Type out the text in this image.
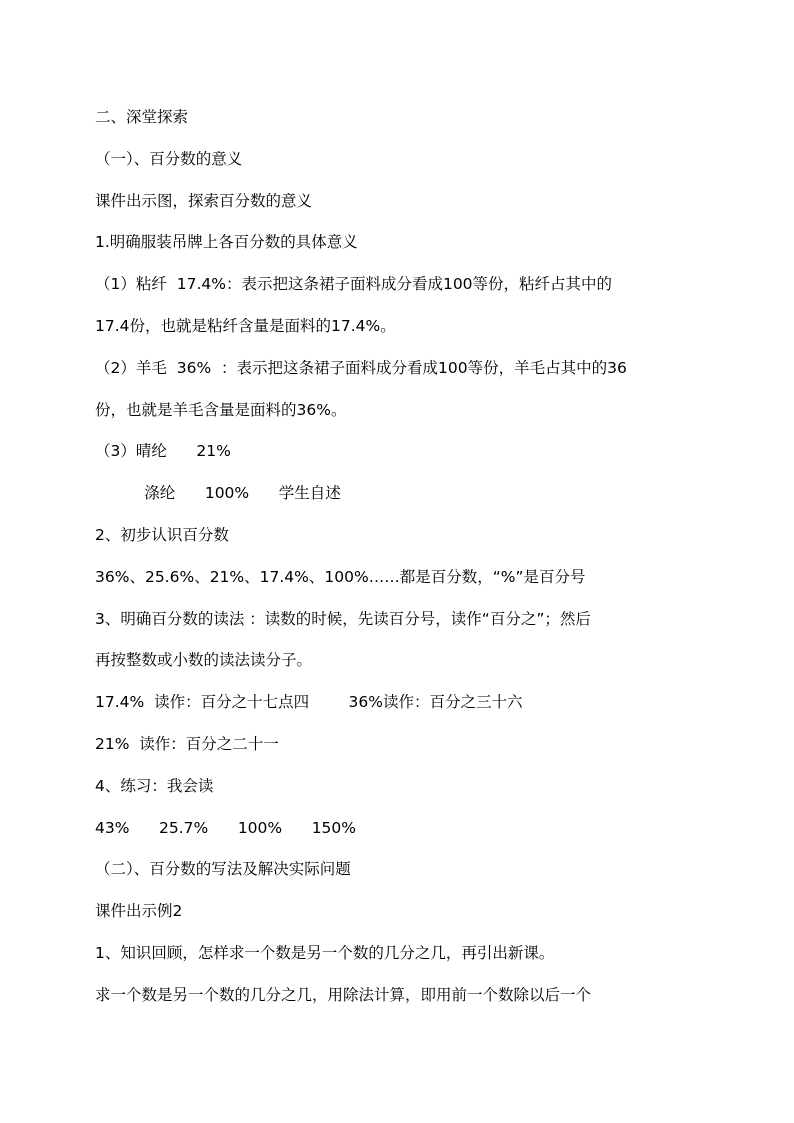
二、深堂探索

（一）、百分数的意义

课件出示图，探索百分数的意义

1.明确服装吊牌上各百分数的具体意义

（1）粘纤  17.4%：表示把这条裙子面料成分看成100等份，粘纤占其中的

17.4份，也就是粘纤含量是面料的17.4%。

（2）羊毛  36%  ：表示把这条裙子面料成分看成100等份，羊毛占其中的36

份，也就是羊毛含量是面料的36%。

（3）晴纶      21%

涤纶      100%      学生自述

2、初步认识百分数

36%、25.6%、21%、17.4%、100%……都是百分数，“%”是百分号

3、明确百分数的读法 ：读数的时候，先读百分号，读作“百分之”；然后

再按整数或小数的读法读分子。

17.4%  读作：百分之十七点四        36%读作：百分之三十六

21%  读作：百分之二十一

4、练习：我会读

43%      25.7%      100%      150%

（二）、百分数的写法及解决实际问题

课件出示例2

1、知识回顾，怎样求一个数是另一个数的几分之几，再引出新课。

求一个数是另一个数的几分之几，用除法计算，即用前一个数除以后一个
